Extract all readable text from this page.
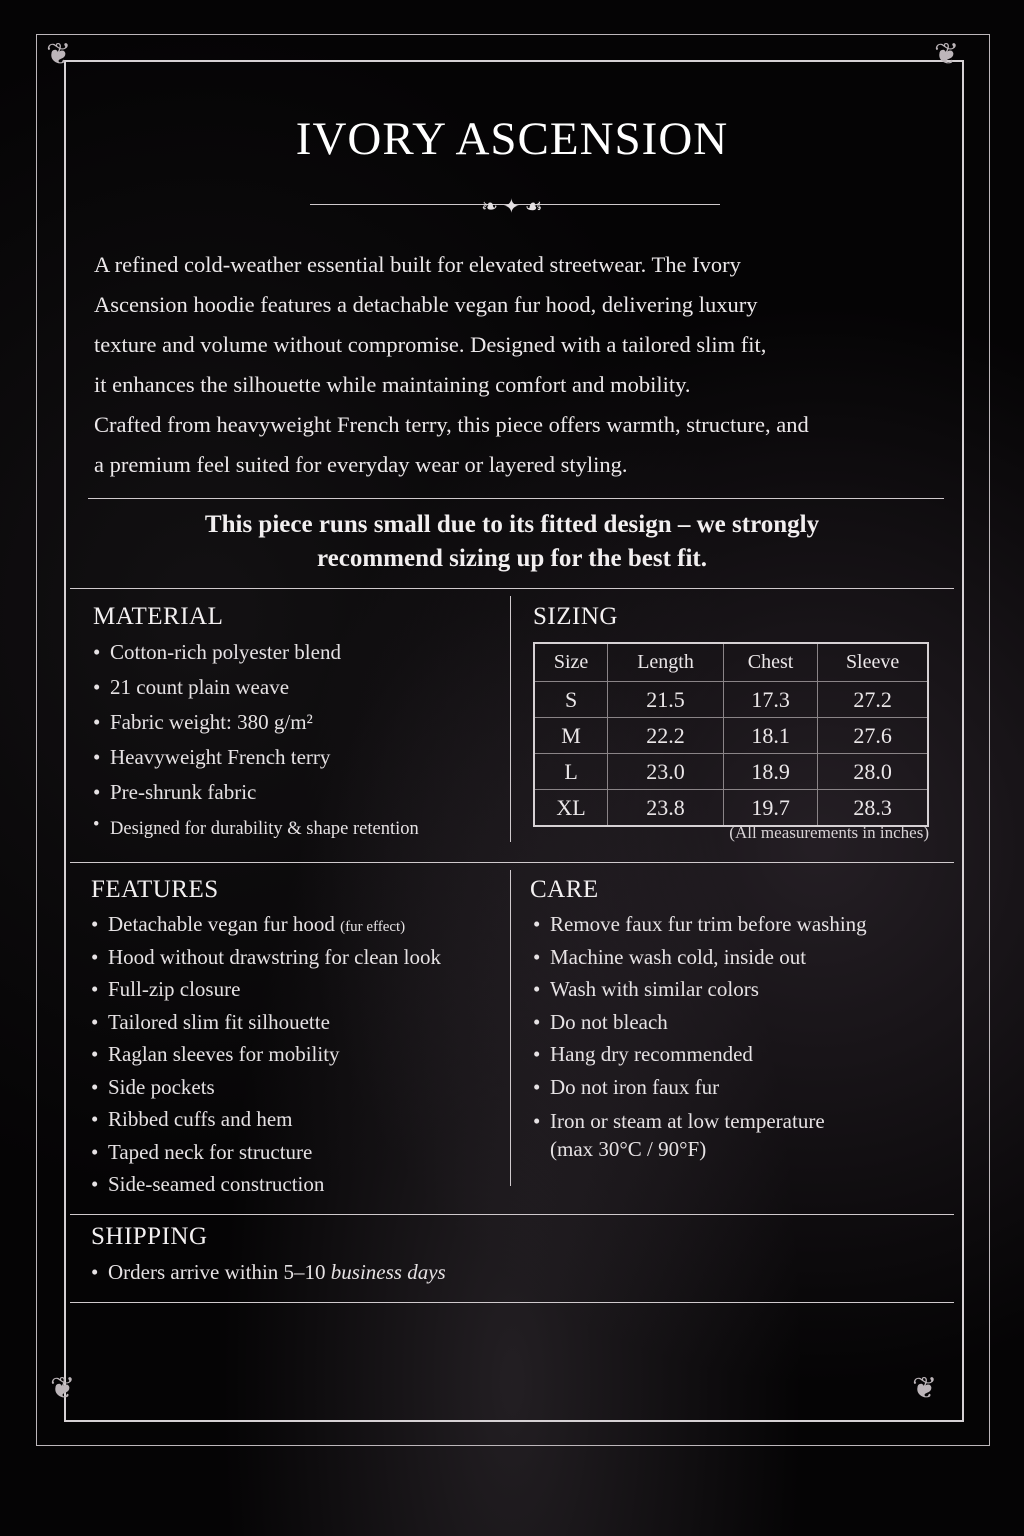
❦	❦
❦	❦
IVORY ASCENSION
❧ ✦ ☙

A refined cold-weather essential built for elevated streetwear. The Ivory
Ascension hoodie features a detachable vegan fur hood, delivering luxury
texture and volume without compromise. Designed with a tailored slim fit,
it enhances the silhouette while maintaining comfort and mobility.
Crafted from heavyweight French terry, this piece offers warmth, structure, and
a premium feel suited for everyday wear or layered styling.

This piece runs small due to its fitted design – we strongly
recommend sizing up for the best fit.

MATERIAL
• Cotton-rich polyester blend
• 21 count plain weave
• Fabric weight: 380 g/m²
• Heavyweight French terry
• Pre-shrunk fabric
• Designed for durability & shape retention
SIZING
Size	Length	Chest	Sleeve
S	21.5	17.3	27.2
M	22.2	18.1	27.6
L	23.0	18.9	28.0
XL	23.8	19.7	28.3
(All measurements in inches)
FEATURES
• Detachable vegan fur hood (fur effect)
• Hood without drawstring for clean look
• Full-zip closure
• Tailored slim fit silhouette
• Raglan sleeves for mobility
• Side pockets
• Ribbed cuffs and hem
• Taped neck for structure
• Side-seamed construction
CARE
• Remove faux fur trim before washing
• Machine wash cold, inside out
• Wash with similar colors
• Do not bleach
• Hang dry recommended
• Do not iron faux fur
• Iron or steam at low temperature
(max 30°C / 90°F)
SHIPPING
• Orders arrive within 5–10 business days
